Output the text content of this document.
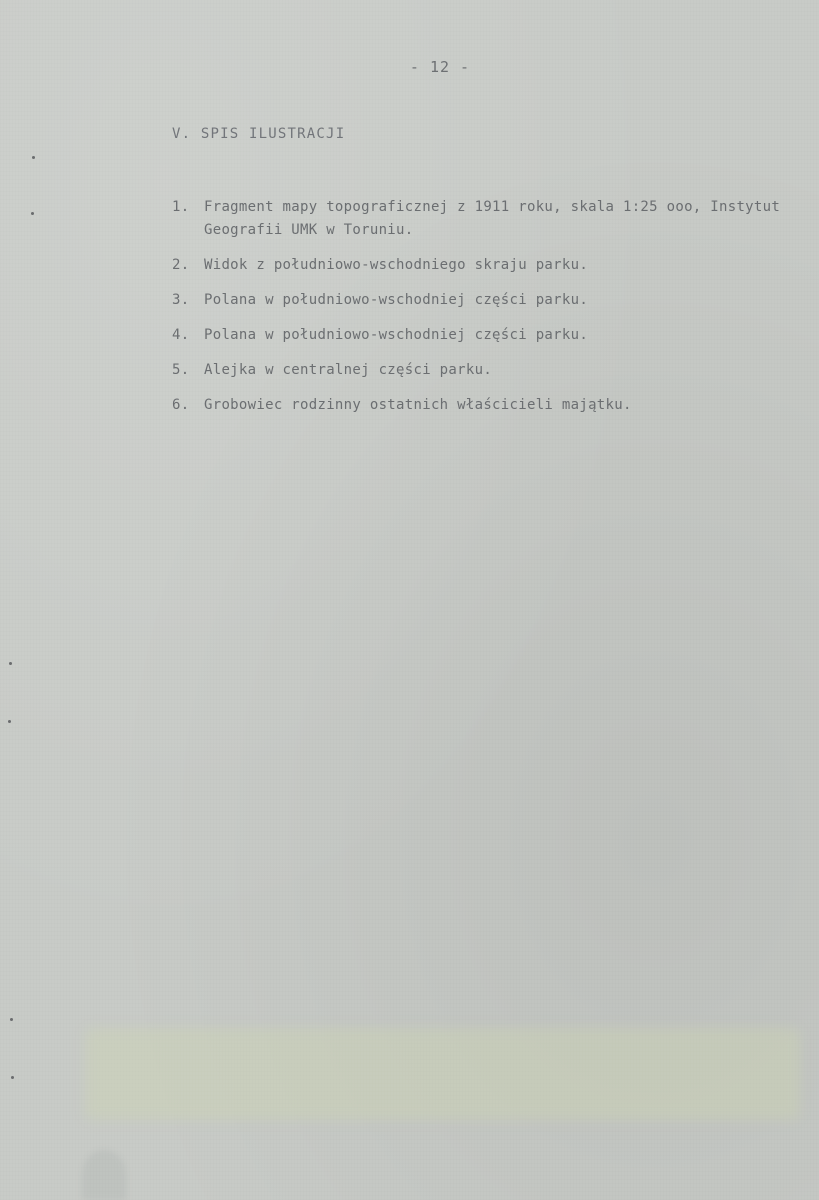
- 12 -
V. SPIS ILUSTRACJI
1.	Fragment mapy topograficznej z 1911 roku, skala 1:25 ooo, Instytut Geografii UMK w Toruniu.
2.	Widok z południowo-wschodniego skraju parku.
3.	Polana w południowo-wschodniej części parku.
4.	Polana w południowo-wschodniej części parku.
5.	Alejka w centralnej części parku.
6.	Grobowiec rodzinny ostatnich właścicieli majątku.
